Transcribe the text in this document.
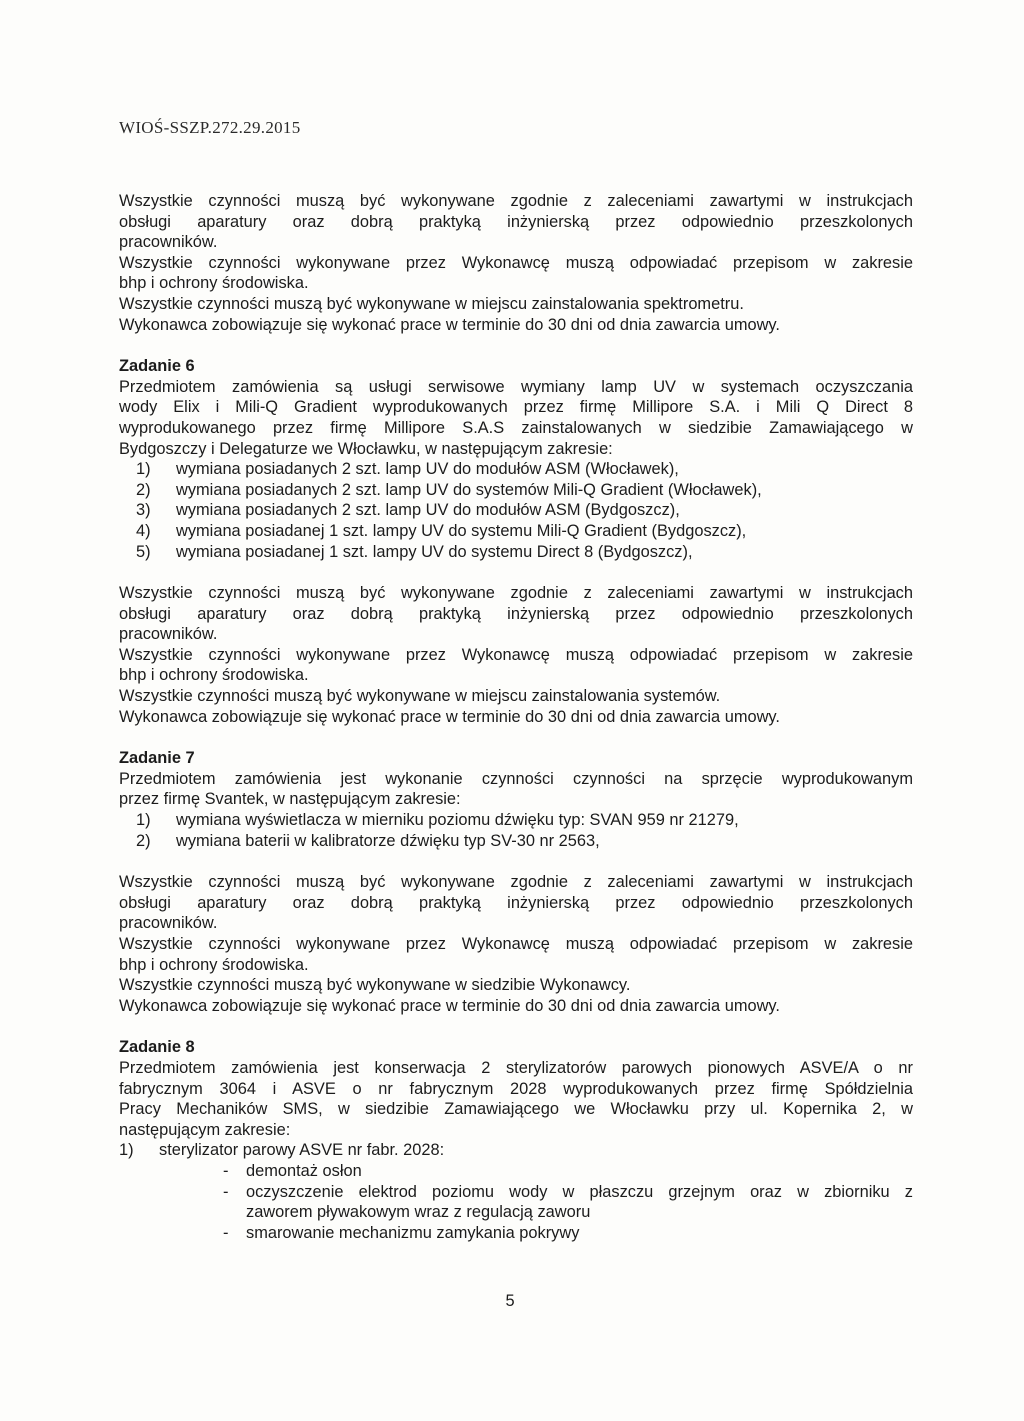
WIOŚ-SSZP.272.29.2015
Wszystkie czynności muszą być wykonywane zgodnie z zaleceniami zawartymi w instrukcjach
obsługi aparatury oraz dobrą praktyką inżynierską przez odpowiednio przeszkolonych
pracowników.
Wszystkie czynności wykonywane przez Wykonawcę muszą odpowiadać przepisom w zakresie
bhp i ochrony środowiska.
Wszystkie czynności muszą być wykonywane w miejscu zainstalowania spektrometru.
Wykonawca zobowiązuje się wykonać prace w terminie do 30 dni od dnia zawarcia umowy.
Zadanie 6
Przedmiotem zamówienia są usługi serwisowe wymiany lamp UV w systemach oczyszczania
wody Elix i Mili-Q Gradient wyprodukowanych przez firmę Millipore S.A. i Mili Q Direct 8
wyprodukowanego przez firmę Millipore S.A.S zainstalowanych w siedzibie Zamawiającego w
Bydgoszczy i Delegaturze we Włocławku, w następującym zakresie:
1)	wymiana posiadanych 2 szt. lamp UV do modułów ASM (Włocławek),
2)	wymiana posiadanych 2 szt. lamp UV do systemów Mili-Q Gradient (Włocławek),
3)	wymiana posiadanych 2 szt. lamp UV do modułów ASM (Bydgoszcz),
4)	wymiana posiadanej 1 szt. lampy UV do systemu Mili-Q Gradient (Bydgoszcz),
5)	wymiana posiadanej 1 szt. lampy UV do systemu Direct 8 (Bydgoszcz),
Wszystkie czynności muszą być wykonywane zgodnie z zaleceniami zawartymi w instrukcjach
obsługi aparatury oraz dobrą praktyką inżynierską przez odpowiednio przeszkolonych
pracowników.
Wszystkie czynności wykonywane przez Wykonawcę muszą odpowiadać przepisom w zakresie
bhp i ochrony środowiska.
Wszystkie czynności muszą być wykonywane w miejscu zainstalowania systemów.
Wykonawca zobowiązuje się wykonać prace w terminie do 30 dni od dnia zawarcia umowy.
Zadanie 7
Przedmiotem zamówienia jest wykonanie czynności czynności na sprzęcie wyprodukowanym
przez firmę Svantek, w następującym zakresie:
1)	wymiana wyświetlacza w mierniku poziomu dźwięku typ: SVAN 959 nr 21279,
2)	wymiana baterii w kalibratorze dźwięku typ SV-30 nr 2563,
Wszystkie czynności muszą być wykonywane zgodnie z zaleceniami zawartymi w instrukcjach
obsługi aparatury oraz dobrą praktyką inżynierską przez odpowiednio przeszkolonych
pracowników.
Wszystkie czynności wykonywane przez Wykonawcę muszą odpowiadać przepisom w zakresie
bhp i ochrony środowiska.
Wszystkie czynności muszą być wykonywane w siedzibie Wykonawcy.
Wykonawca zobowiązuje się wykonać prace w terminie do 30 dni od dnia zawarcia umowy.
Zadanie 8
Przedmiotem zamówienia jest konserwacja 2 sterylizatorów parowych pionowych ASVE/A o nr
fabrycznym 3064 i ASVE o nr fabrycznym 2028 wyprodukowanych przez firmę Spółdzielnia
Pracy Mechaników SMS, w siedzibie Zamawiającego we Włocławku przy ul. Kopernika 2, w
następującym zakresie:
1)	sterylizator parowy ASVE nr fabr. 2028:
-	demontaż osłon
-	oczyszczenie elektrod poziomu wody w płaszczu grzejnym oraz w zbiorniku z
zaworem pływakowym wraz z regulacją zaworu
-	smarowanie mechanizmu zamykania pokrywy
5
